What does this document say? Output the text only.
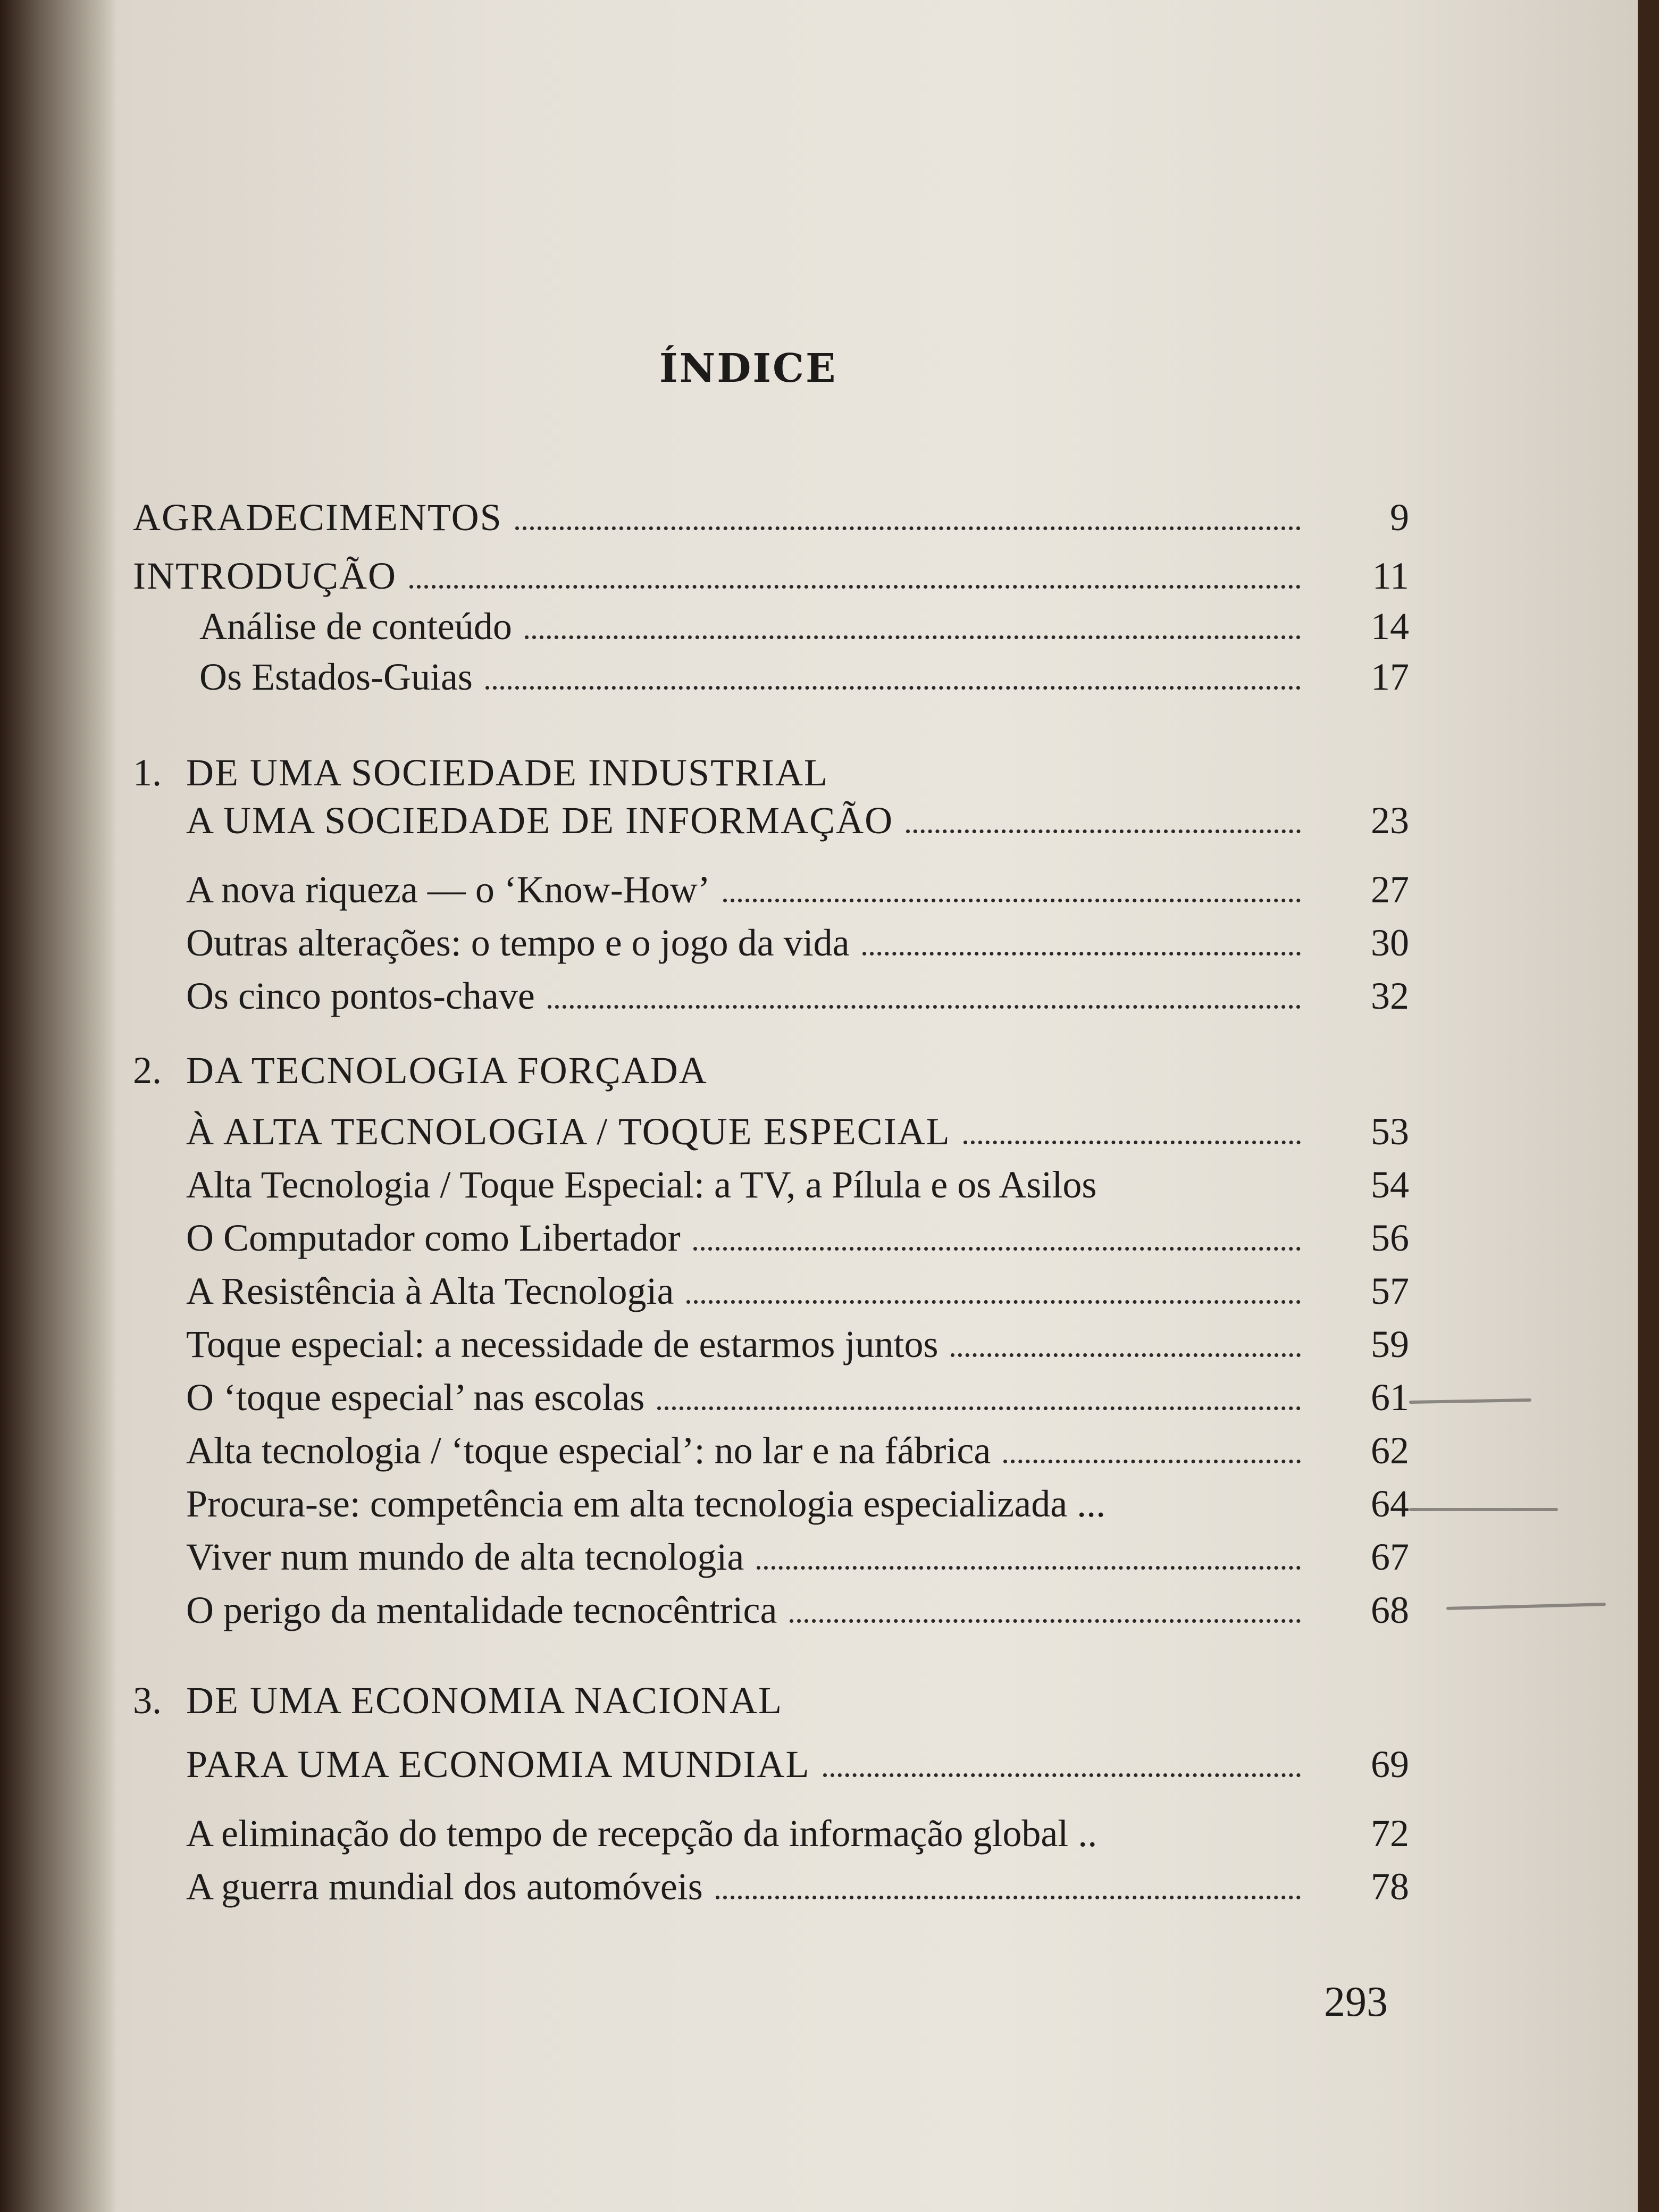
ÍNDICE
AGRADECIMENTOS	9
INTRODUÇÃO	11
Análise de conteúdo	14
Os Estados-Guias	17
1. DE UMA SOCIEDADE INDUSTRIAL
A UMA SOCIEDADE DE INFORMAÇÃO	23
A nova riqueza — o ‘Know-How’	27
Outras alterações: o tempo e o jogo da vida	30
Os cinco pontos-chave	32
2. DA TECNOLOGIA FORÇADA
À ALTA TECNOLOGIA / TOQUE ESPECIAL	53
Alta Tecnologia / Toque Especial: a TV, a Pílula e os Asilos	54
O Computador como Libertador	56
A Resistência à Alta Tecnologia	57
Toque especial: a necessidade de estarmos juntos	59
O ‘toque especial’ nas escolas	61
Alta tecnologia / ‘toque especial’: no lar e na fábrica	62
Procura-se: competência em alta tecnologia especializada ...	64
Viver num mundo de alta tecnologia	67
O perigo da mentalidade tecnocêntrica	68
3. DE UMA ECONOMIA NACIONAL
PARA UMA ECONOMIA MUNDIAL	69
A eliminação do tempo de recepção da informação global ..	72
A guerra mundial dos automóveis	78
293
